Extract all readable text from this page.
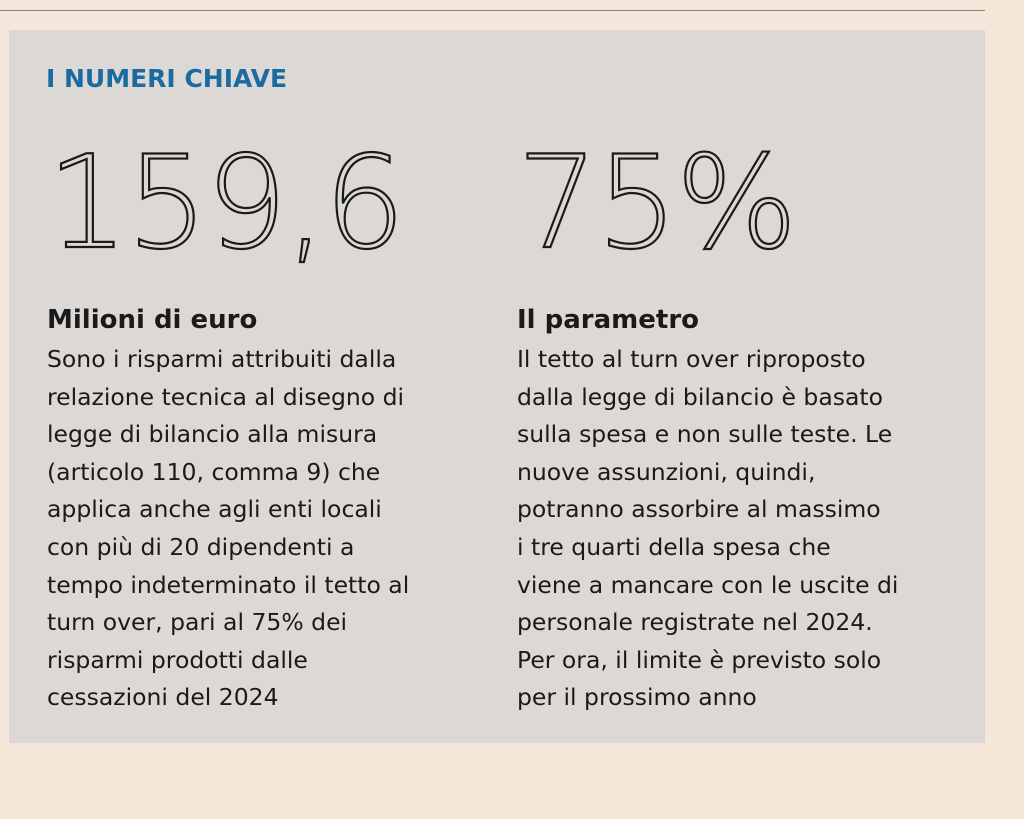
I NUMERI CHIAVE
159,6
Milioni di euro

Sono i risparmi attribuiti dalla
relazione tecnica al disegno di
legge di bilancio alla misura
(articolo 110, comma 9) che
applica anche agli enti locali
con più di 20 dipendenti a
tempo indeterminato il tetto al
turn over, pari al 75% dei
risparmi prodotti dalle
cessazioni del 2024

75%
Il parametro

Il tetto al turn over riproposto
dalla legge di bilancio è basato
sulla spesa e non sulle teste. Le
nuove assunzioni, quindi,
potranno assorbire al massimo
i tre quarti della spesa che
viene a mancare con le uscite di
personale registrate nel 2024.
Per ora, il limite è previsto solo
per il prossimo anno
